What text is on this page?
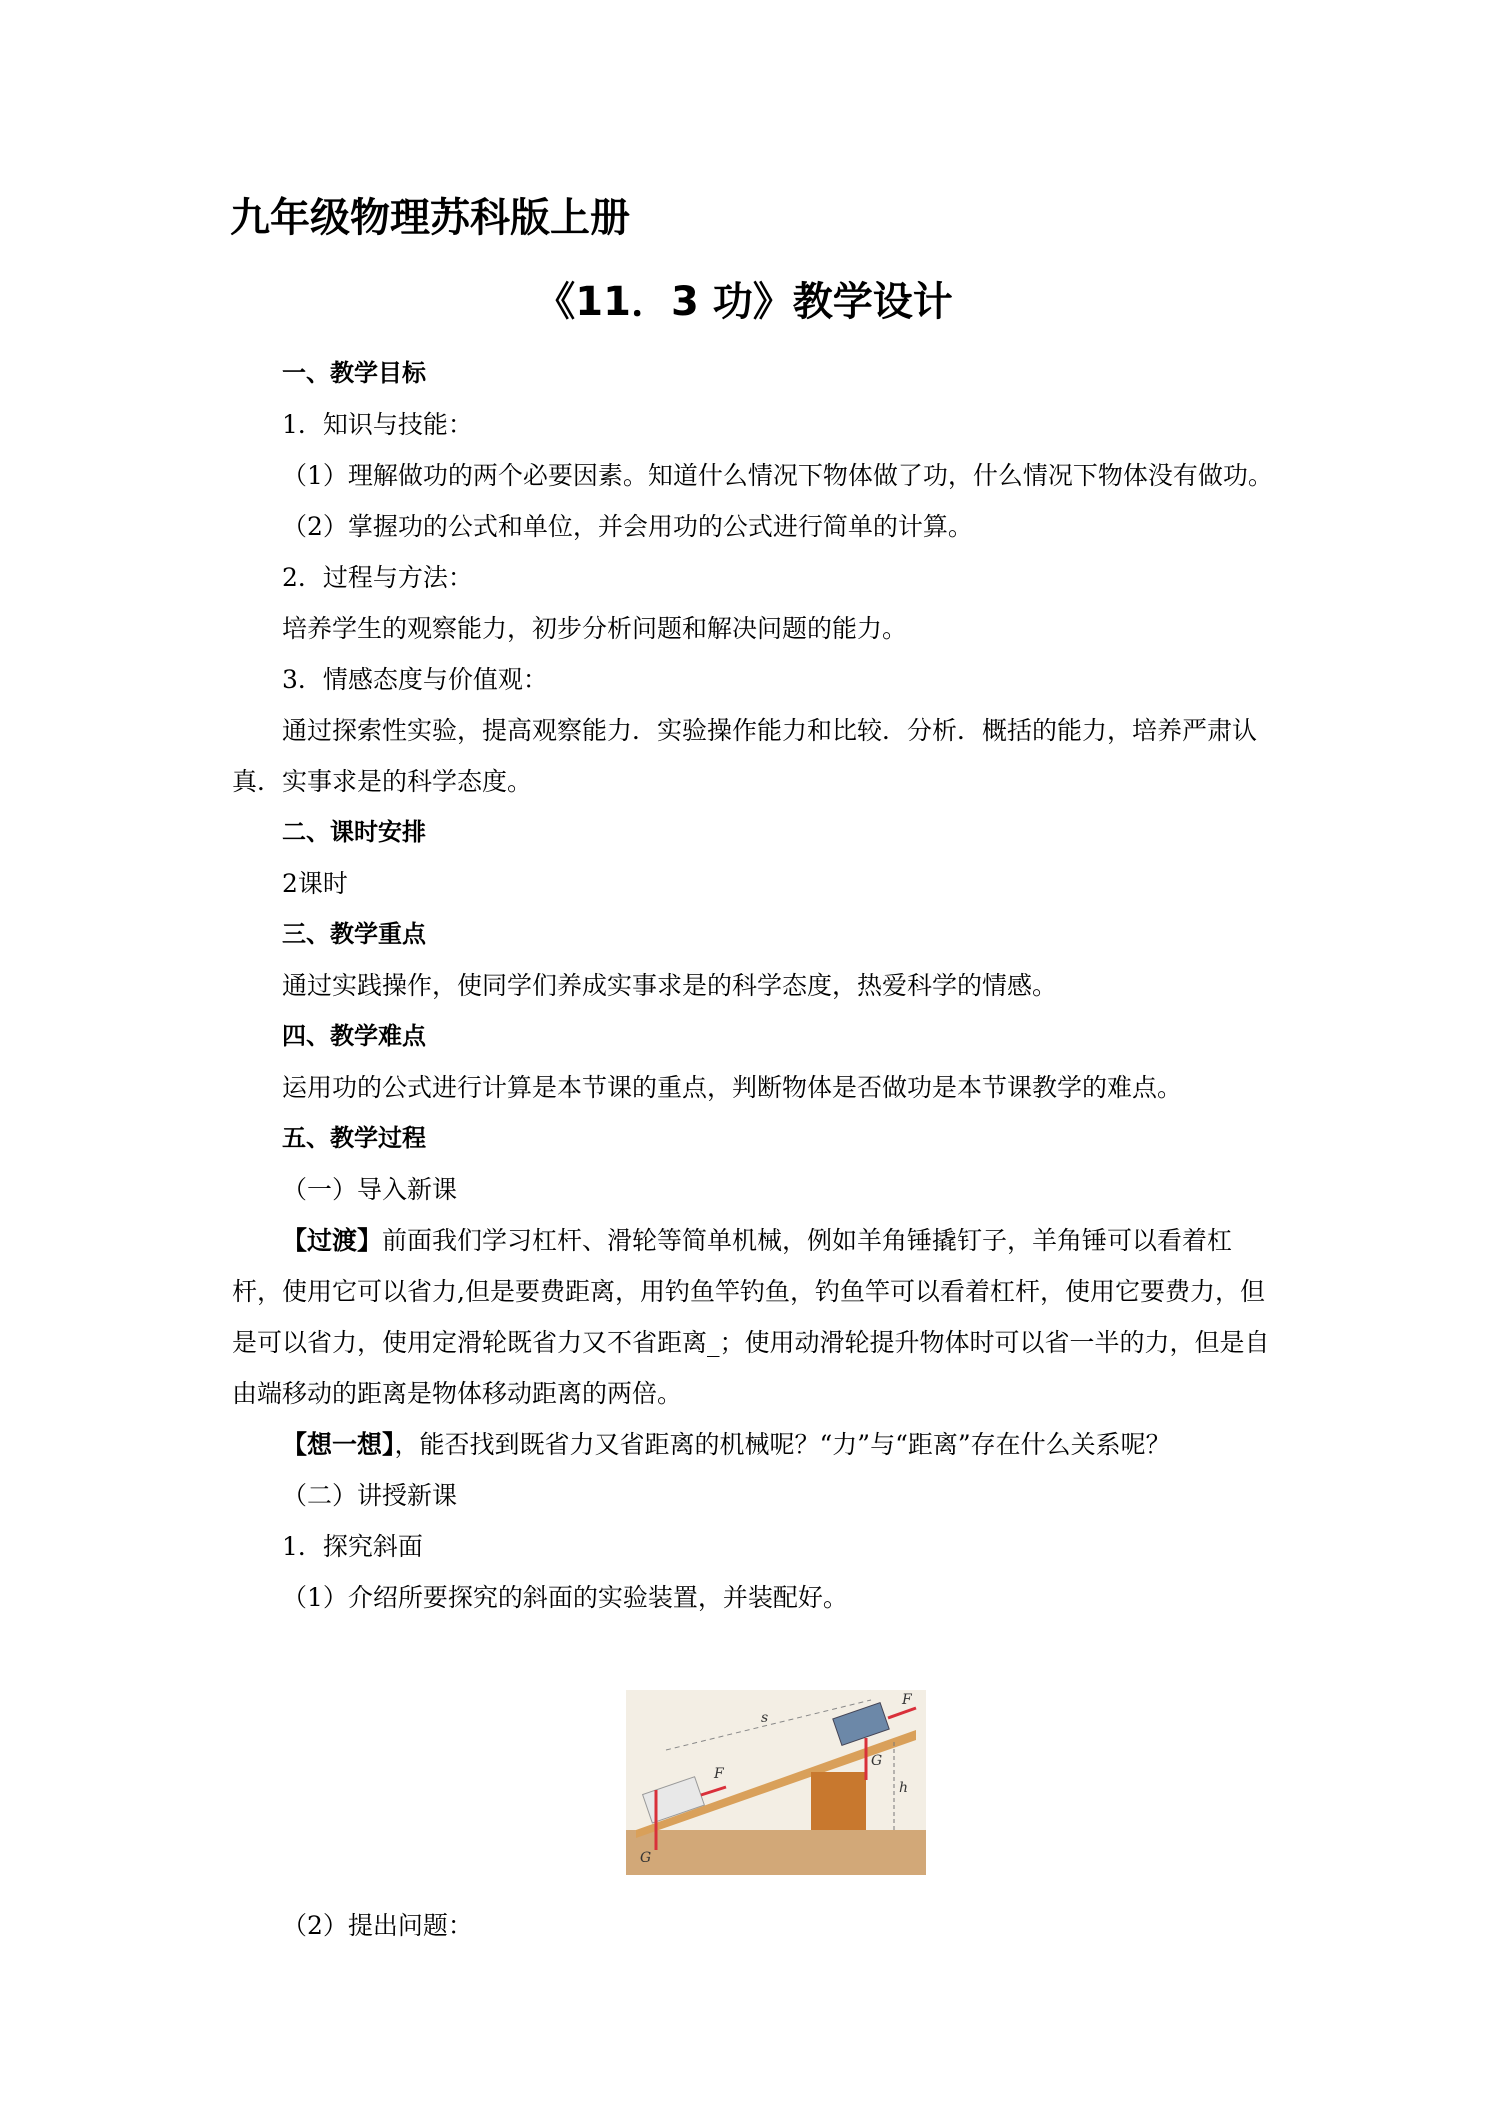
九年级物理苏科版上册
《11．3 功》教学设计

一、教学目标

1．知识与技能：

（1）理解做功的两个必要因素。知道什么情况下物体做了功，什么情况下物体没有做功。

（2）掌握功的公式和单位，并会用功的公式进行简单的计算。

2．过程与方法：

培养学生的观察能力，初步分析问题和解决问题的能力。

3．情感态度与价值观：

通过探索性实验，提高观察能力．实验操作能力和比较．分析．概括的能力，培养严肃认真．实事求是的科学态度。

二、课时安排

2课时

三、教学重点

通过实践操作，使同学们养成实事求是的科学态度，热爱科学的情感。

四、教学难点

运用功的公式进行计算是本节课的重点，判断物体是否做功是本节课教学的难点。

五、教学过程

（一）导入新课

【过渡】前面我们学习杠杆、滑轮等简单机械，例如羊角锤撬钉子，羊角锤可以看着杠杆，使用它可以省力,但是要费距离，用钓鱼竿钓鱼，钓鱼竿可以看着杠杆，使用它要费力，但是可以省力，使用定滑轮既省力又不省距离_；使用动滑轮提升物体时可以省一半的力，但是自由端移动的距离是物体移动距离的两倍。

【想一想】，能否找到既省力又省距离的机械呢？“力”与“距离”存在什么关系呢？

（二）讲授新课

1．探究斜面

（1）介绍所要探究的斜面的实验装置，并装配好。

G
F
F
G
h
s

（2）提出问题：
